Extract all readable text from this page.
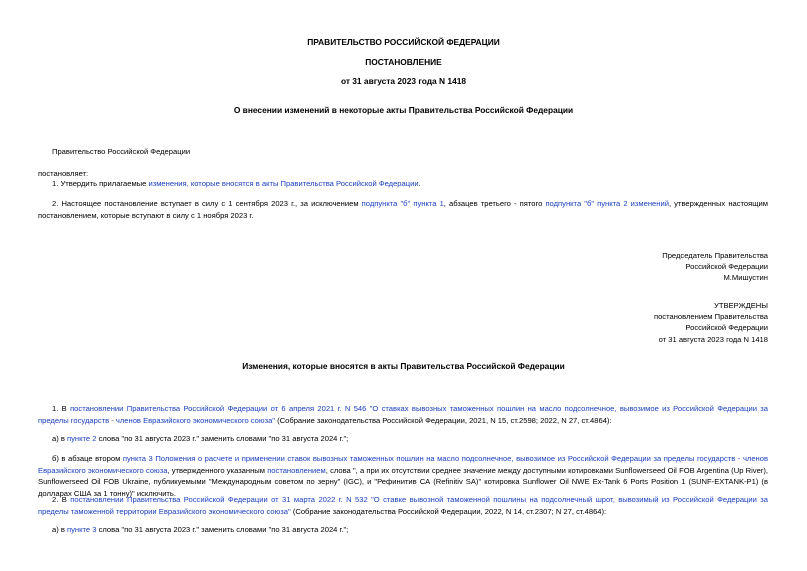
ПРАВИТЕЛЬСТВО РОССИЙСКОЙ ФЕДЕРАЦИИ
ПОСТАНОВЛЕНИЕ
от 31 августа 2023 года N 1418
О внесении изменений в некоторые акты Правительства Российской Федерации
Правительство Российской Федерации
постановляет:
1. Утвердить прилагаемые изменения, которые вносятся в акты Правительства Российской Федерации.
2. Настоящее постановление вступает в силу с 1 сентября 2023 г., за исключением подпункта "б" пункта 1, абзацев третьего - пятого подпункта "б" пункта 2 изменений, утвержденных настоящим постановлением, которые вступают в силу с 1 ноября 2023 г.
Председатель Правительства
Российской Федерации
М.Мишустин
УТВЕРЖДЕНЫ
постановлением Правительства
Российской Федерации
от 31 августа 2023 года N 1418
Изменения, которые вносятся в акты Правительства Российской Федерации
1. В постановлении Правительства Российской Федерации от 6 апреля 2021 г. N 546 "О ставках вывозных таможенных пошлин на масло подсолнечное, вывозимое из Российской Федерации за пределы государств - членов Евразийского экономического союза" (Собрание законодательства Российской Федерации, 2021, N 15, ст.2598; 2022, N 27, ст.4864):
а) в пункте 2 слова "по 31 августа 2023 г." заменить словами "по 31 августа 2024 г.";
б) в абзаце втором пункта 3 Положения о расчете и применении ставок вывозных таможенных пошлин на масло подсолнечное, вывозимое из Российской Федерации за пределы государств - членов Евразийского экономического союза, утвержденного указанным постановлением, слова ", а при их отсутствии среднее значение между доступными котировками Sunflowerseed Oil FOB Argentina (Up River), Sunflowerseed Oil FOB Ukraine, публикуемыми "Международным советом по зерну" (IGC), и "Рефинитив СА (Refinitiv SA)" котировка Sunflower Oil NWE Ex-Tank 6 Ports Position 1 (SUNF-EXTANK-P1) (в долларах США за 1 тонну)" исключить.
2. В постановлении Правительства Российской Федерации от 31 марта 2022 г. N 532 "О ставке вывозной таможенной пошлины на подсолнечный шрот, вывозимый из Российской Федерации за пределы таможенной территории Евразийского экономического союза" (Собрание законодательства Российской Федерации, 2022, N 14, ст.2307; N 27, ст.4864):
а) в пункте 3 слова "по 31 августа 2023 г." заменить словами "по 31 августа 2024 г.";
